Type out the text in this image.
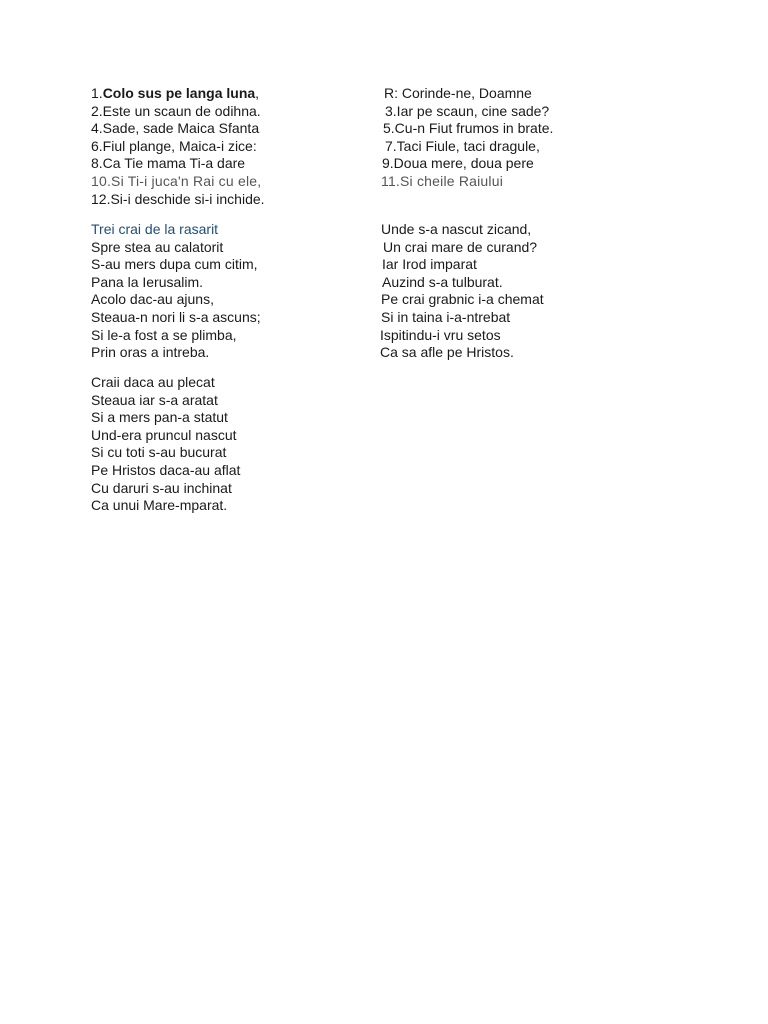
1.Colo sus pe langa luna,
2.Este un scaun de odihna.
4.Sade, sade Maica Sfanta
6.Fiul plange, Maica-i zice:
8.Ca Tie mama Ti-a dare
10.Si Ti-i juca'n Rai cu ele,
12.Si-i deschide si-i inchide.
R: Corinde-ne, Doamne
3.Iar pe scaun, cine sade?
5.Cu-n Fiut frumos in brate.
7.Taci Fiule, taci dragule,
9.Doua mere, doua pere
11.Si cheile Raiului
Trei crai de la rasarit
Spre stea au calatorit
S-au mers dupa cum citim,
Pana la Ierusalim.
Acolo dac-au ajuns,
Steaua-n nori li s-a ascuns;
Si le-a fost a se plimba,
Prin oras a intreba.
Unde s-a nascut zicand,
Un crai mare de curand?
Iar Irod imparat
Auzind s-a tulburat.
Pe crai grabnic i-a chemat
Si in taina i-a-ntrebat
Ispitindu-i vru setos
Ca sa afle pe Hristos.
Craii daca au plecat
Steaua iar s-a aratat
Si a mers pan-a statut
Und-era pruncul nascut
Si cu toti s-au bucurat
Pe Hristos daca-au aflat
Cu daruri s-au inchinat
Ca unui Mare-mparat.
